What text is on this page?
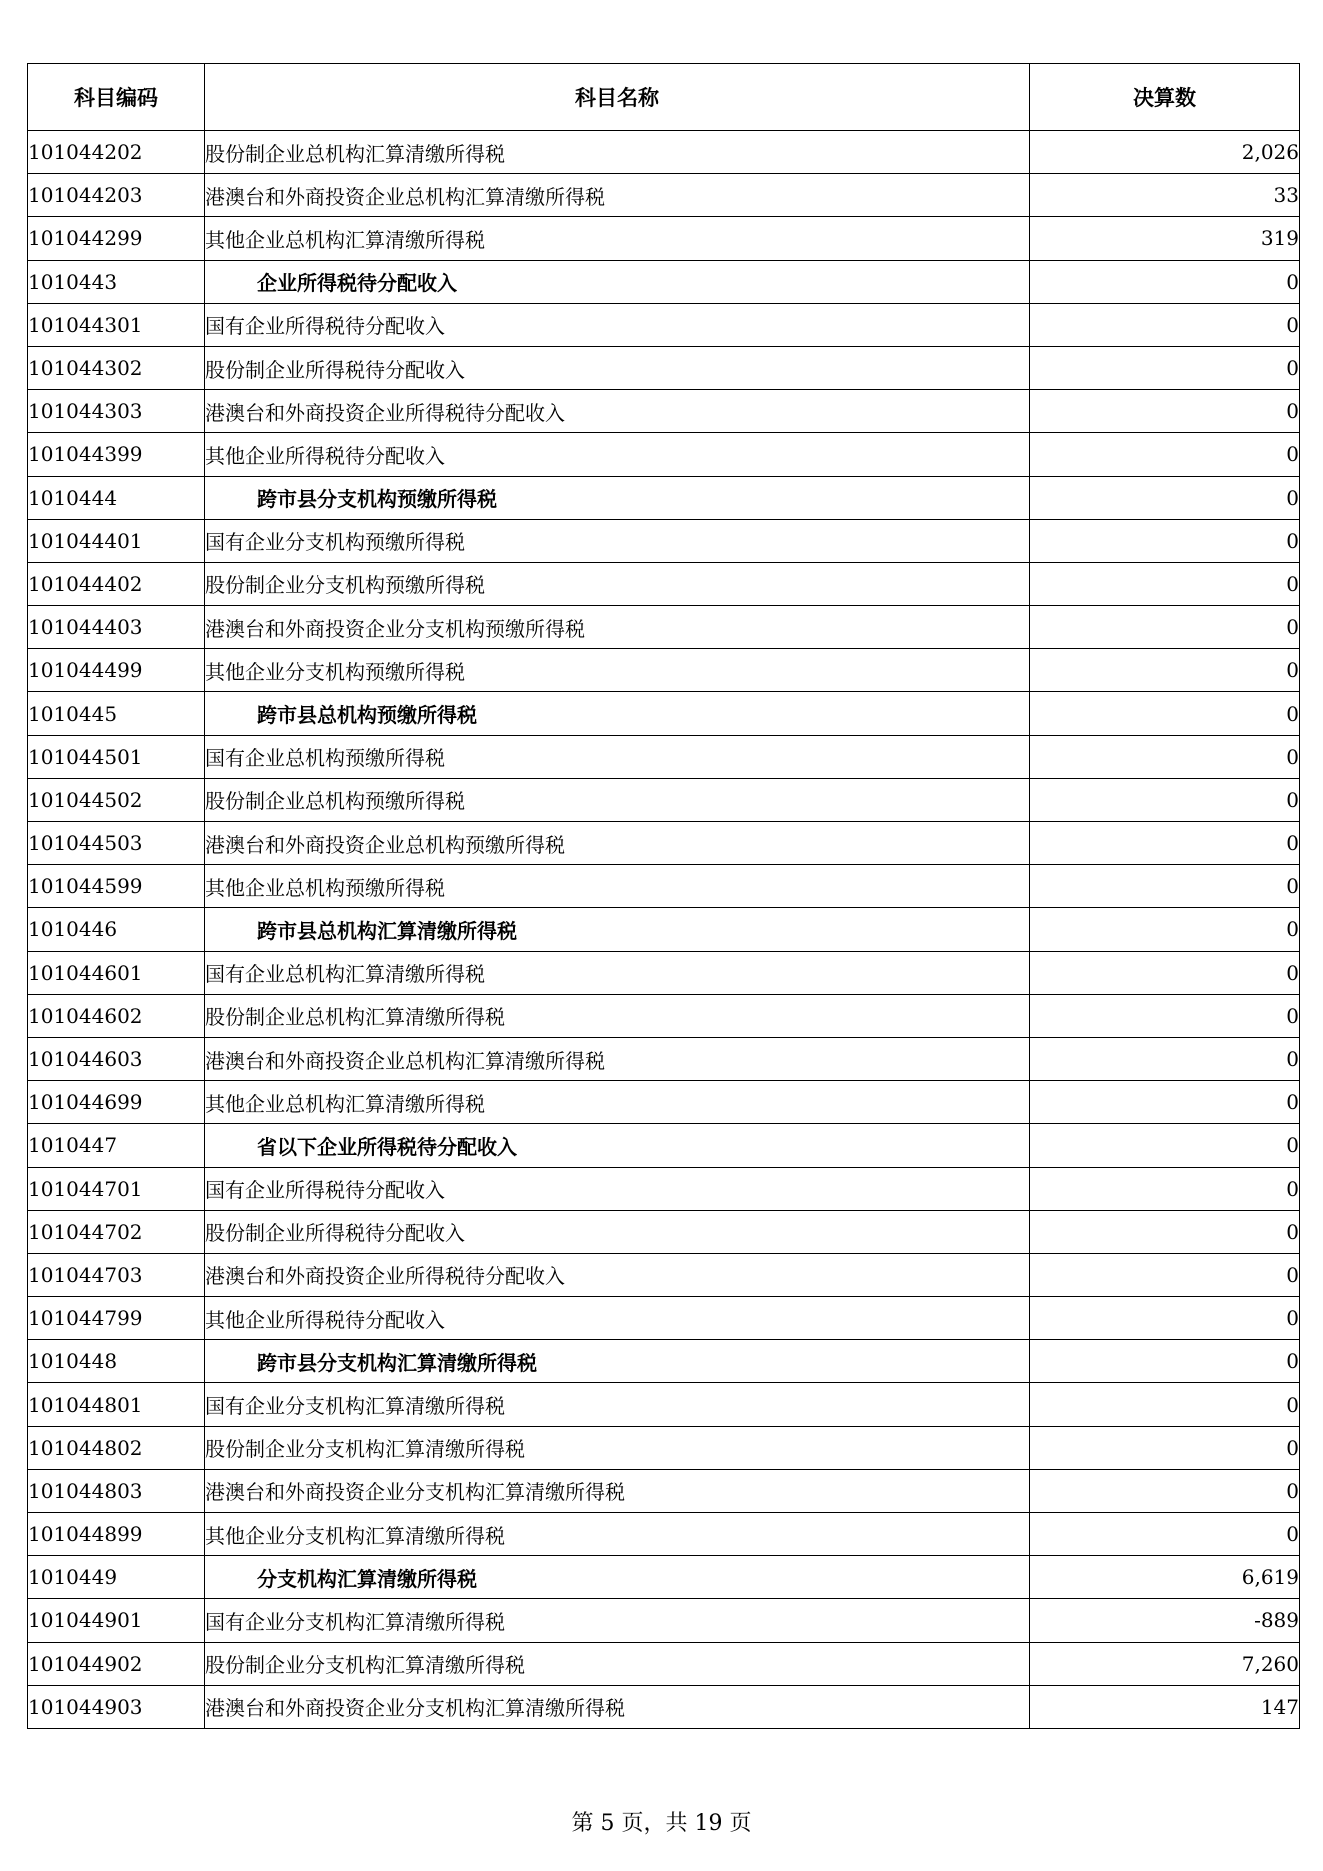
科目编码	科目名称	决算数
101044202	股份制企业总机构汇算清缴所得税	2,026
101044203	港澳台和外商投资企业总机构汇算清缴所得税	33
101044299	其他企业总机构汇算清缴所得税	319
1010443	企业所得税待分配收入	0
101044301	国有企业所得税待分配收入	0
101044302	股份制企业所得税待分配收入	0
101044303	港澳台和外商投资企业所得税待分配收入	0
101044399	其他企业所得税待分配收入	0
1010444	跨市县分支机构预缴所得税	0
101044401	国有企业分支机构预缴所得税	0
101044402	股份制企业分支机构预缴所得税	0
101044403	港澳台和外商投资企业分支机构预缴所得税	0
101044499	其他企业分支机构预缴所得税	0
1010445	跨市县总机构预缴所得税	0
101044501	国有企业总机构预缴所得税	0
101044502	股份制企业总机构预缴所得税	0
101044503	港澳台和外商投资企业总机构预缴所得税	0
101044599	其他企业总机构预缴所得税	0
1010446	跨市县总机构汇算清缴所得税	0
101044601	国有企业总机构汇算清缴所得税	0
101044602	股份制企业总机构汇算清缴所得税	0
101044603	港澳台和外商投资企业总机构汇算清缴所得税	0
101044699	其他企业总机构汇算清缴所得税	0
1010447	省以下企业所得税待分配收入	0
101044701	国有企业所得税待分配收入	0
101044702	股份制企业所得税待分配收入	0
101044703	港澳台和外商投资企业所得税待分配收入	0
101044799	其他企业所得税待分配收入	0
1010448	跨市县分支机构汇算清缴所得税	0
101044801	国有企业分支机构汇算清缴所得税	0
101044802	股份制企业分支机构汇算清缴所得税	0
101044803	港澳台和外商投资企业分支机构汇算清缴所得税	0
101044899	其他企业分支机构汇算清缴所得税	0
1010449	分支机构汇算清缴所得税	6,619
101044901	国有企业分支机构汇算清缴所得税	-889
101044902	股份制企业分支机构汇算清缴所得税	7,260
101044903	港澳台和外商投资企业分支机构汇算清缴所得税	147
第 5 页，共 19 页
